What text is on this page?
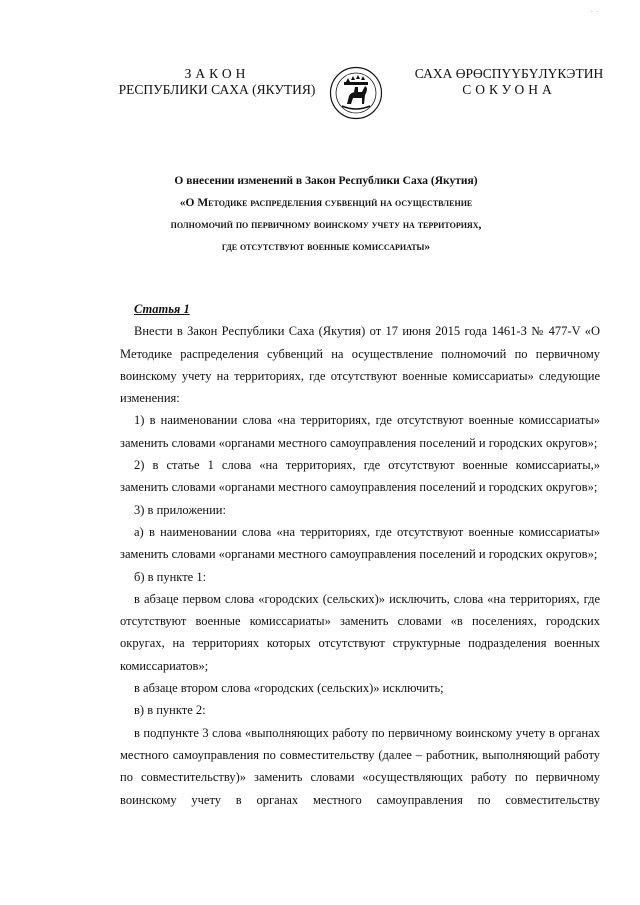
· ·
ЗАКОН
РЕСПУБЛИКИ САХА (ЯКУТИЯ)
САХА ӨРӨСПҮҮБҮЛҮКЭТИН
СОКУОНА
О внесении изменений в Закон Республики Саха (Якутия)
«О Методике распределения субвенций на осуществление
полномочий по первичному воинскому учету на территориях,
где отсутствуют военные комиссариаты»

Статья 1

Внести в Закон Республики Саха (Якутия) от 17 июня 2015 года 1461-З № 477-V «О Методике распределения субвенций на осуществление полномочий по первичному воинскому учету на территориях, где отсутствуют военные комиссариаты» следующие изменения:

1) в наименовании слова «на территориях, где отсутствуют военные комиссариаты» заменить словами «органами местного самоуправления поселений и городских округов»;

2) в статье 1 слова «на территориях, где отсутствуют военные комиссариаты,» заменить словами «органами местного самоуправления поселений и городских округов»;

3) в приложении:

а) в наименовании слова «на территориях, где отсутствуют военные комиссариаты» заменить словами «органами местного самоуправления поселений и городских округов»;

б) в пункте 1:

в абзаце первом слова «городских (сельских)» исключить, слова «на территориях, где отсутствуют военные комиссариаты» заменить словами «в поселениях, городских округах, на территориях которых отсутствуют структурные подразделения военных комиссариатов»;

в абзаце втором слова «городских (сельских)» исключить;

в) в пункте 2:

в подпункте 3 слова «выполняющих работу по первичному воинскому учету в органах местного самоуправления по совместительству (далее – работник, выполняющий работу по совместительству)» заменить словами «осуществляющих работу по первичному воинскому учету в органах местного самоуправления по совместительству
